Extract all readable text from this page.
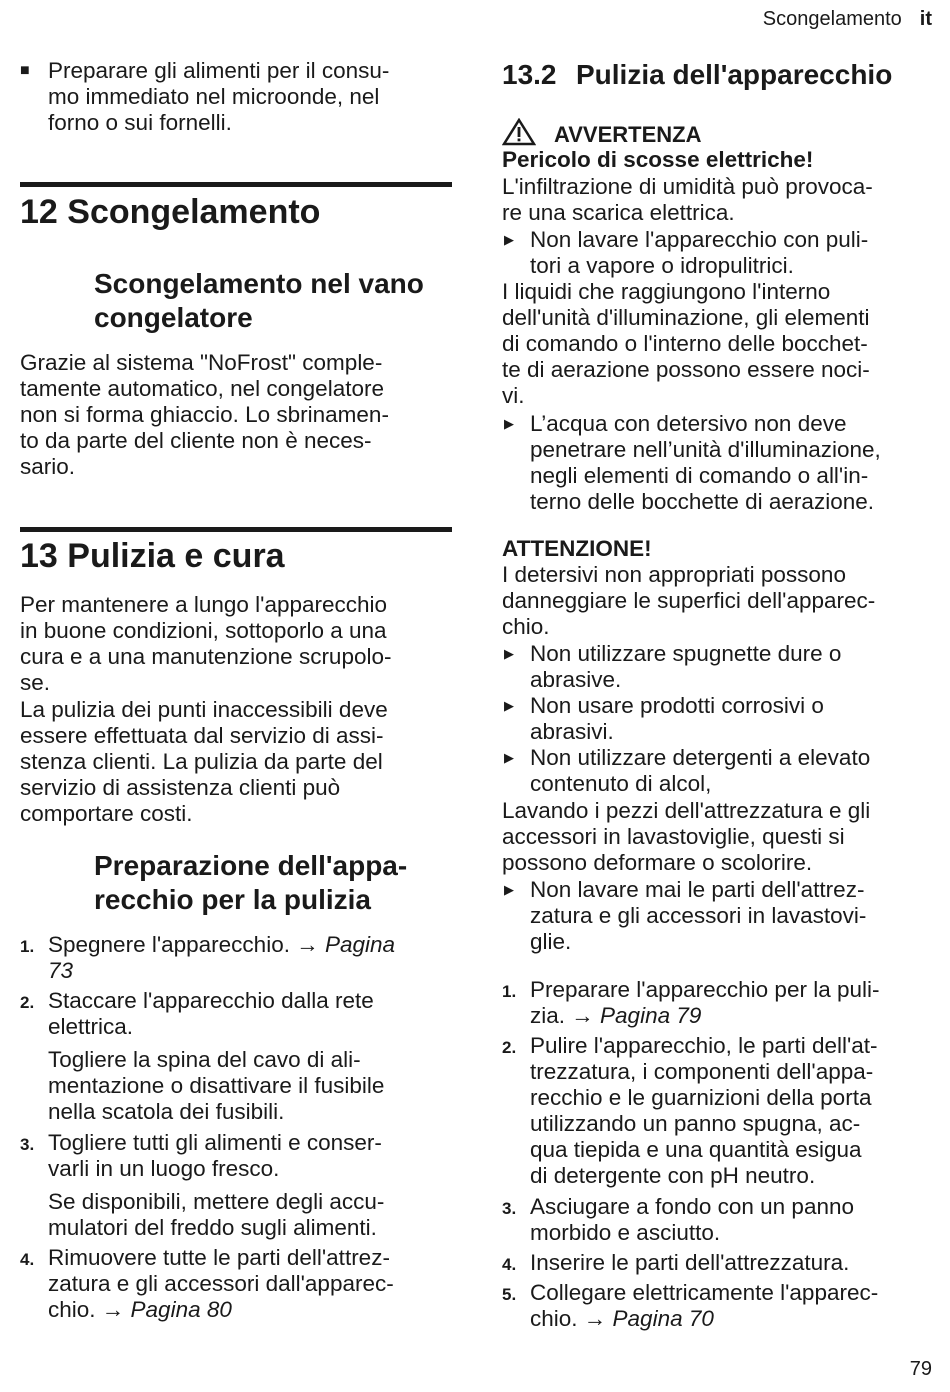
Scongelamento it
■ Preparare gli alimenti per il consu-
mo immediato nel microonde, nel
forno o sui fornelli.
12 Scongelamento
Scongelamento nel vano
congelatore

Grazie al sistema "NoFrost" comple-
tamente automatico, nel congelatore
non si forma ghiaccio. Lo sbrinamen-
to da parte del cliente non è neces-
sario.

13 Pulizia e cura

Per mantenere a lungo l'apparecchio
in buone condizioni, sottoporlo a una
cura e a una manutenzione scrupolo-
se.

La pulizia dei punti inaccessibili deve
essere effettuata dal servizio di assi-
stenza clienti. La pulizia da parte del
servizio di assistenza clienti può
comportare costi.

Preparazione dell'appa-
recchio per la pulizia
1. Spegnere l'apparecchio. → Pagina
73
2. Staccare l'apparecchio dalla rete
elettrica.

Togliere la spina del cavo di ali-
mentazione o disattivare il fusibile
nella scatola dei fusibili.

3. Togliere tutti gli alimenti e conser-
varli in un luogo fresco.

Se disponibili, mettere degli accu-
mulatori del freddo sugli alimenti.

4. Rimuovere tutte le parti dell'attrez-
zatura e gli accessori dall'apparec-
chio. → Pagina 80
13.2 Pulizia dell'apparecchio
AVVERTENZA

Pericolo di scosse elettriche!

L'infiltrazione di umidità può provoca-
re una scarica elettrica.

▶ Non lavare l'apparecchio con puli-
tori a vapore o idropulitrici.

I liquidi che raggiungono l'interno
dell'unità d'illuminazione, gli elementi
di comando o l'interno delle bocchet-
te di aerazione possono essere noci-
vi.

▶ L’acqua con detersivo non deve
penetrare nell’unità d'illuminazione,
negli elementi di comando o all'in-
terno delle bocchette di aerazione.

ATTENZIONE!

I detersivi non appropriati possono
danneggiare le superfici dell'apparec-
chio.

▶ Non utilizzare spugnette dure o
abrasive.
▶ Non usare prodotti corrosivi o
abrasivi.
▶ Non utilizzare detergenti a elevato
contenuto di alcol,

Lavando i pezzi dell'attrezzatura e gli
accessori in lavastoviglie, questi si
possono deformare o scolorire.

▶ Non lavare mai le parti dell'attrez-
zatura e gli accessori in lavastovi-
glie.
1. Preparare l'apparecchio per la puli-
zia. → Pagina 79
2. Pulire l'apparecchio, le parti dell'at-
trezzatura, i componenti dell'appa-
recchio e le guarnizioni della porta
utilizzando un panno spugna, ac-
qua tiepida e una quantità esigua
di detergente con pH neutro.
3. Asciugare a fondo con un panno
morbido e asciutto.
4. Inserire le parti dell'attrezzatura.
5. Collegare elettricamente l'apparec-
chio. → Pagina 70
79
